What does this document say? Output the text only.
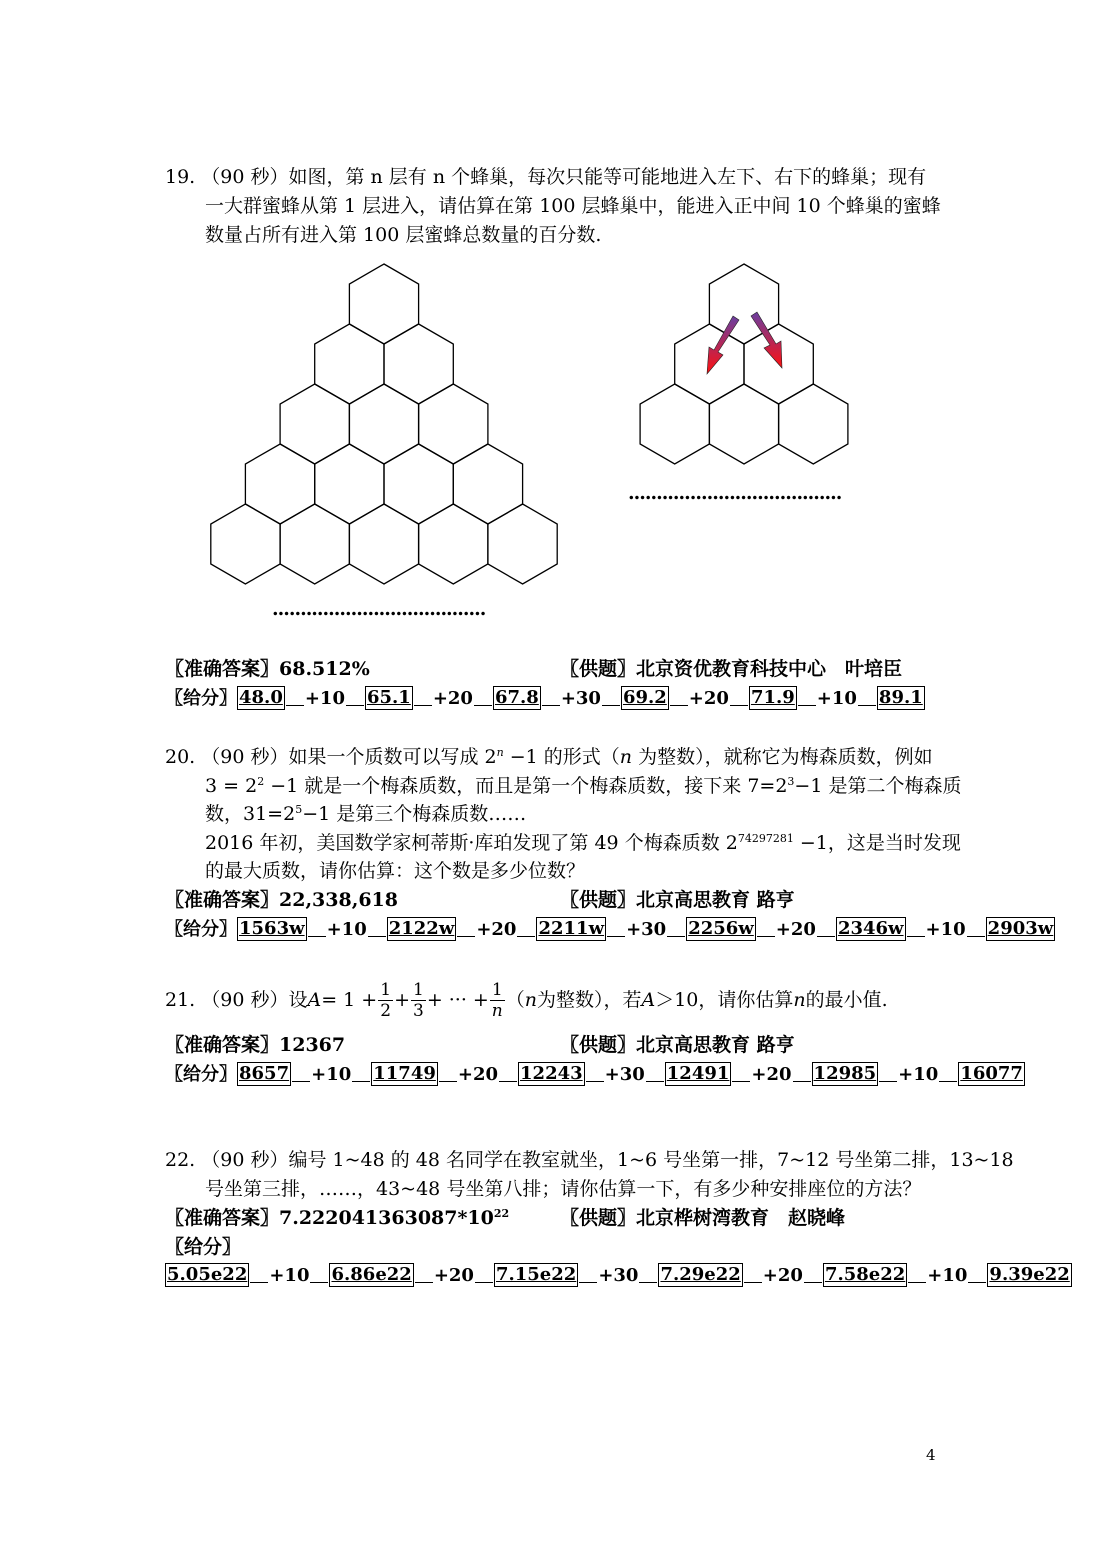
19. （90 秒）如图，第 n 层有 n 个蜂巢，每次只能等可能地进入左下、右下的蜂巢；现有
一大群蜜蜂从第 1 层进入，请估算在第 100 层蜂巢中，能进入正中间 10 个蜂巢的蜜蜂
数量占所有进入第 100 层蜜蜂总数量的百分数.
......................................
......................................
〖准确答案〗68.512%	〖供题〗北京资优教育科技中心　叶培臣
〖给分〗 48.0 +10 65.1 +20 67.8 +30 69.2 +20 71.9 +10 89.1
20. （90 秒）如果一个质数可以写成 $2^n -1$ 的形式（n 为整数），就称它为梅森质数，例如
$3 = 2^2 -1$ 就是一个梅森质数，而且是第一个梅森质数，接下来 $7=2^3-1$ 是第二个梅森质
数，$31=2^5-1$ 是第三个梅森质数……
2016 年初，美国数学家柯蒂斯·库珀发现了第 49 个梅森质数 $2^{74297281} -1$，这是当时发现
的最大质数，请你估算：这个数是多少位数？
〖准确答案〗22,338,618	〖供题〗北京高思教育 路亨
〖给分〗 1563w +10 2122w +20 2211w +30 2256w +20 2346w +10 2903w
21. （90 秒）设 $A = 1 + \frac{1}{2} + \frac{1}{3}$ + ··· + $\frac{1}{n}$ （ n 为整数），若 A ＞10，请你估算 n 的最小值.
〖准确答案〗12367	〖供题〗北京高思教育 路亨
〖给分〗 8657 +10 11749 +20 12243 +30 12491 +20 12985 +10 16077
22. （90 秒）编号 1~48 的 48 名同学在教室就坐，1~6 号坐第一排，7~12 号坐第二排，13~18
号坐第三排，……，43~48 号坐第八排；请你估算一下，有多少种安排座位的方法？
〖准确答案〗$7.222041363087*10^{22}$	〖供题〗北京桦树湾教育　赵晓峰
〖给分〗
5.05e22 +10 6.86e22 +20 7.15e22 +30 7.29e22 +20 7.58e22 +10 9.39e22
4
